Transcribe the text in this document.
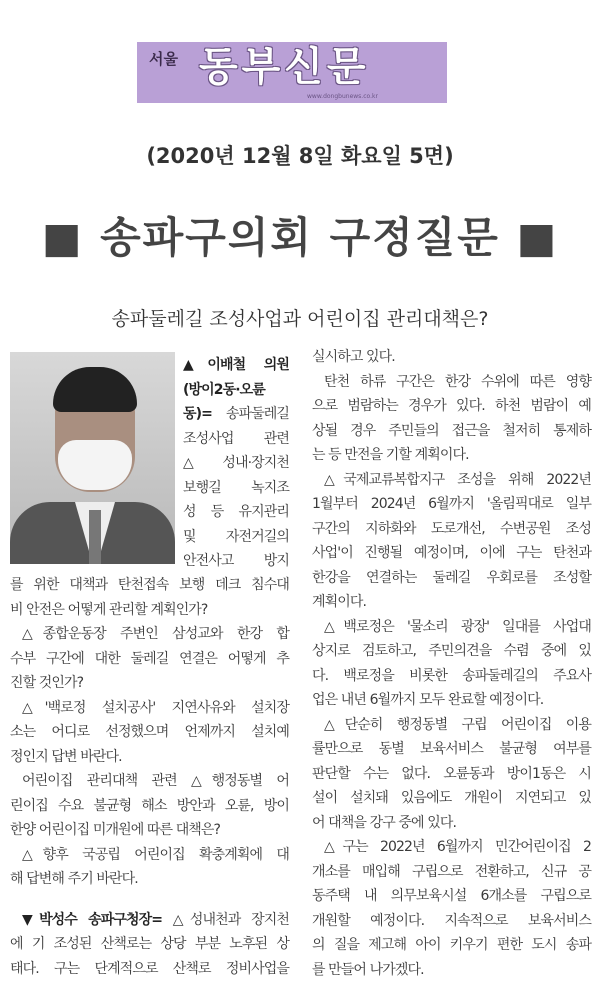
서울 동부신문
www.dongbunews.co.kr
(2020년 12월 8일 화요일 5면)
■ 송파구의회 구정질문 ■
송파둘레길 조성사업과 어린이집 관리대책은?
▲이배철 의원
(방이2동·오륜
동)= 송파둘레길
조성사업 관련
△성내·장지천
보행길 녹지조
성 등 유지관리
및 자전거길의
안전사고 방지
를 위한 대책과 탄천접속 보행 데크 침수대
비 안전은 어떻게 관리할 계획인가?
△종합운동장 주변인 삼성교와 한강 합
수부 구간에 대한 둘레길 연결은 어떻게 추
진할 것인가?
△'백로정 설치공사' 지연사유와 설치장
소는 어디로 선정했으며 언제까지 설치예
정인지 답변 바란다.
어린이집 관리대책 관련 △행정동별 어
린이집 수요 불균형 해소 방안과 오륜, 방이
한양 어린이집 미개원에 따른 대책은?
△향후 국공립 어린이집 확충계획에 대
해 답변해 주기 바란다.
▼박성수 송파구청장= △성내천과 장지천
에 기 조성된 산책로는 상당 부분 노후된 상
태다. 구는 단계적으로 산책로 정비사업을
실시하고 있다.
탄천 하류 구간은 한강 수위에 따른 영향
으로 범람하는 경우가 있다. 하천 범람이 예
상될 경우 주민들의 접근을 철저히 통제하
는 등 만전을 기할 계획이다.
△국제교류복합지구 조성을 위해 2022년
1월부터 2024년 6월까지 '올림픽대로 일부
구간의 지하화와 도로개선, 수변공원 조성
사업'이 진행될 예정이며, 이에 구는 탄천과
한강을 연결하는 둘레길 우회로를 조성할
계획이다.
△백로정은 '물소리 광장' 일대를 사업대
상지로 검토하고, 주민의견을 수렴 중에 있
다. 백로정을 비롯한 송파둘레길의 주요사
업은 내년 6월까지 모두 완료할 예정이다.
△단순히 행정동별 구립 어린이집 이용
률만으로 동별 보육서비스 불균형 여부를
판단할 수는 없다. 오륜동과 방이1동은 시
설이 설치돼 있음에도 개원이 지연되고 있
어 대책을 강구 중에 있다.
△구는 2022년 6월까지 민간어린이집 2
개소를 매입해 구립으로 전환하고, 신규 공
동주택 내 의무보육시설 6개소를 구립으로
개원할 예정이다. 지속적으로 보육서비스
의 질을 제고해 아이 키우기 편한 도시 송파
를 만들어 나가겠다.
